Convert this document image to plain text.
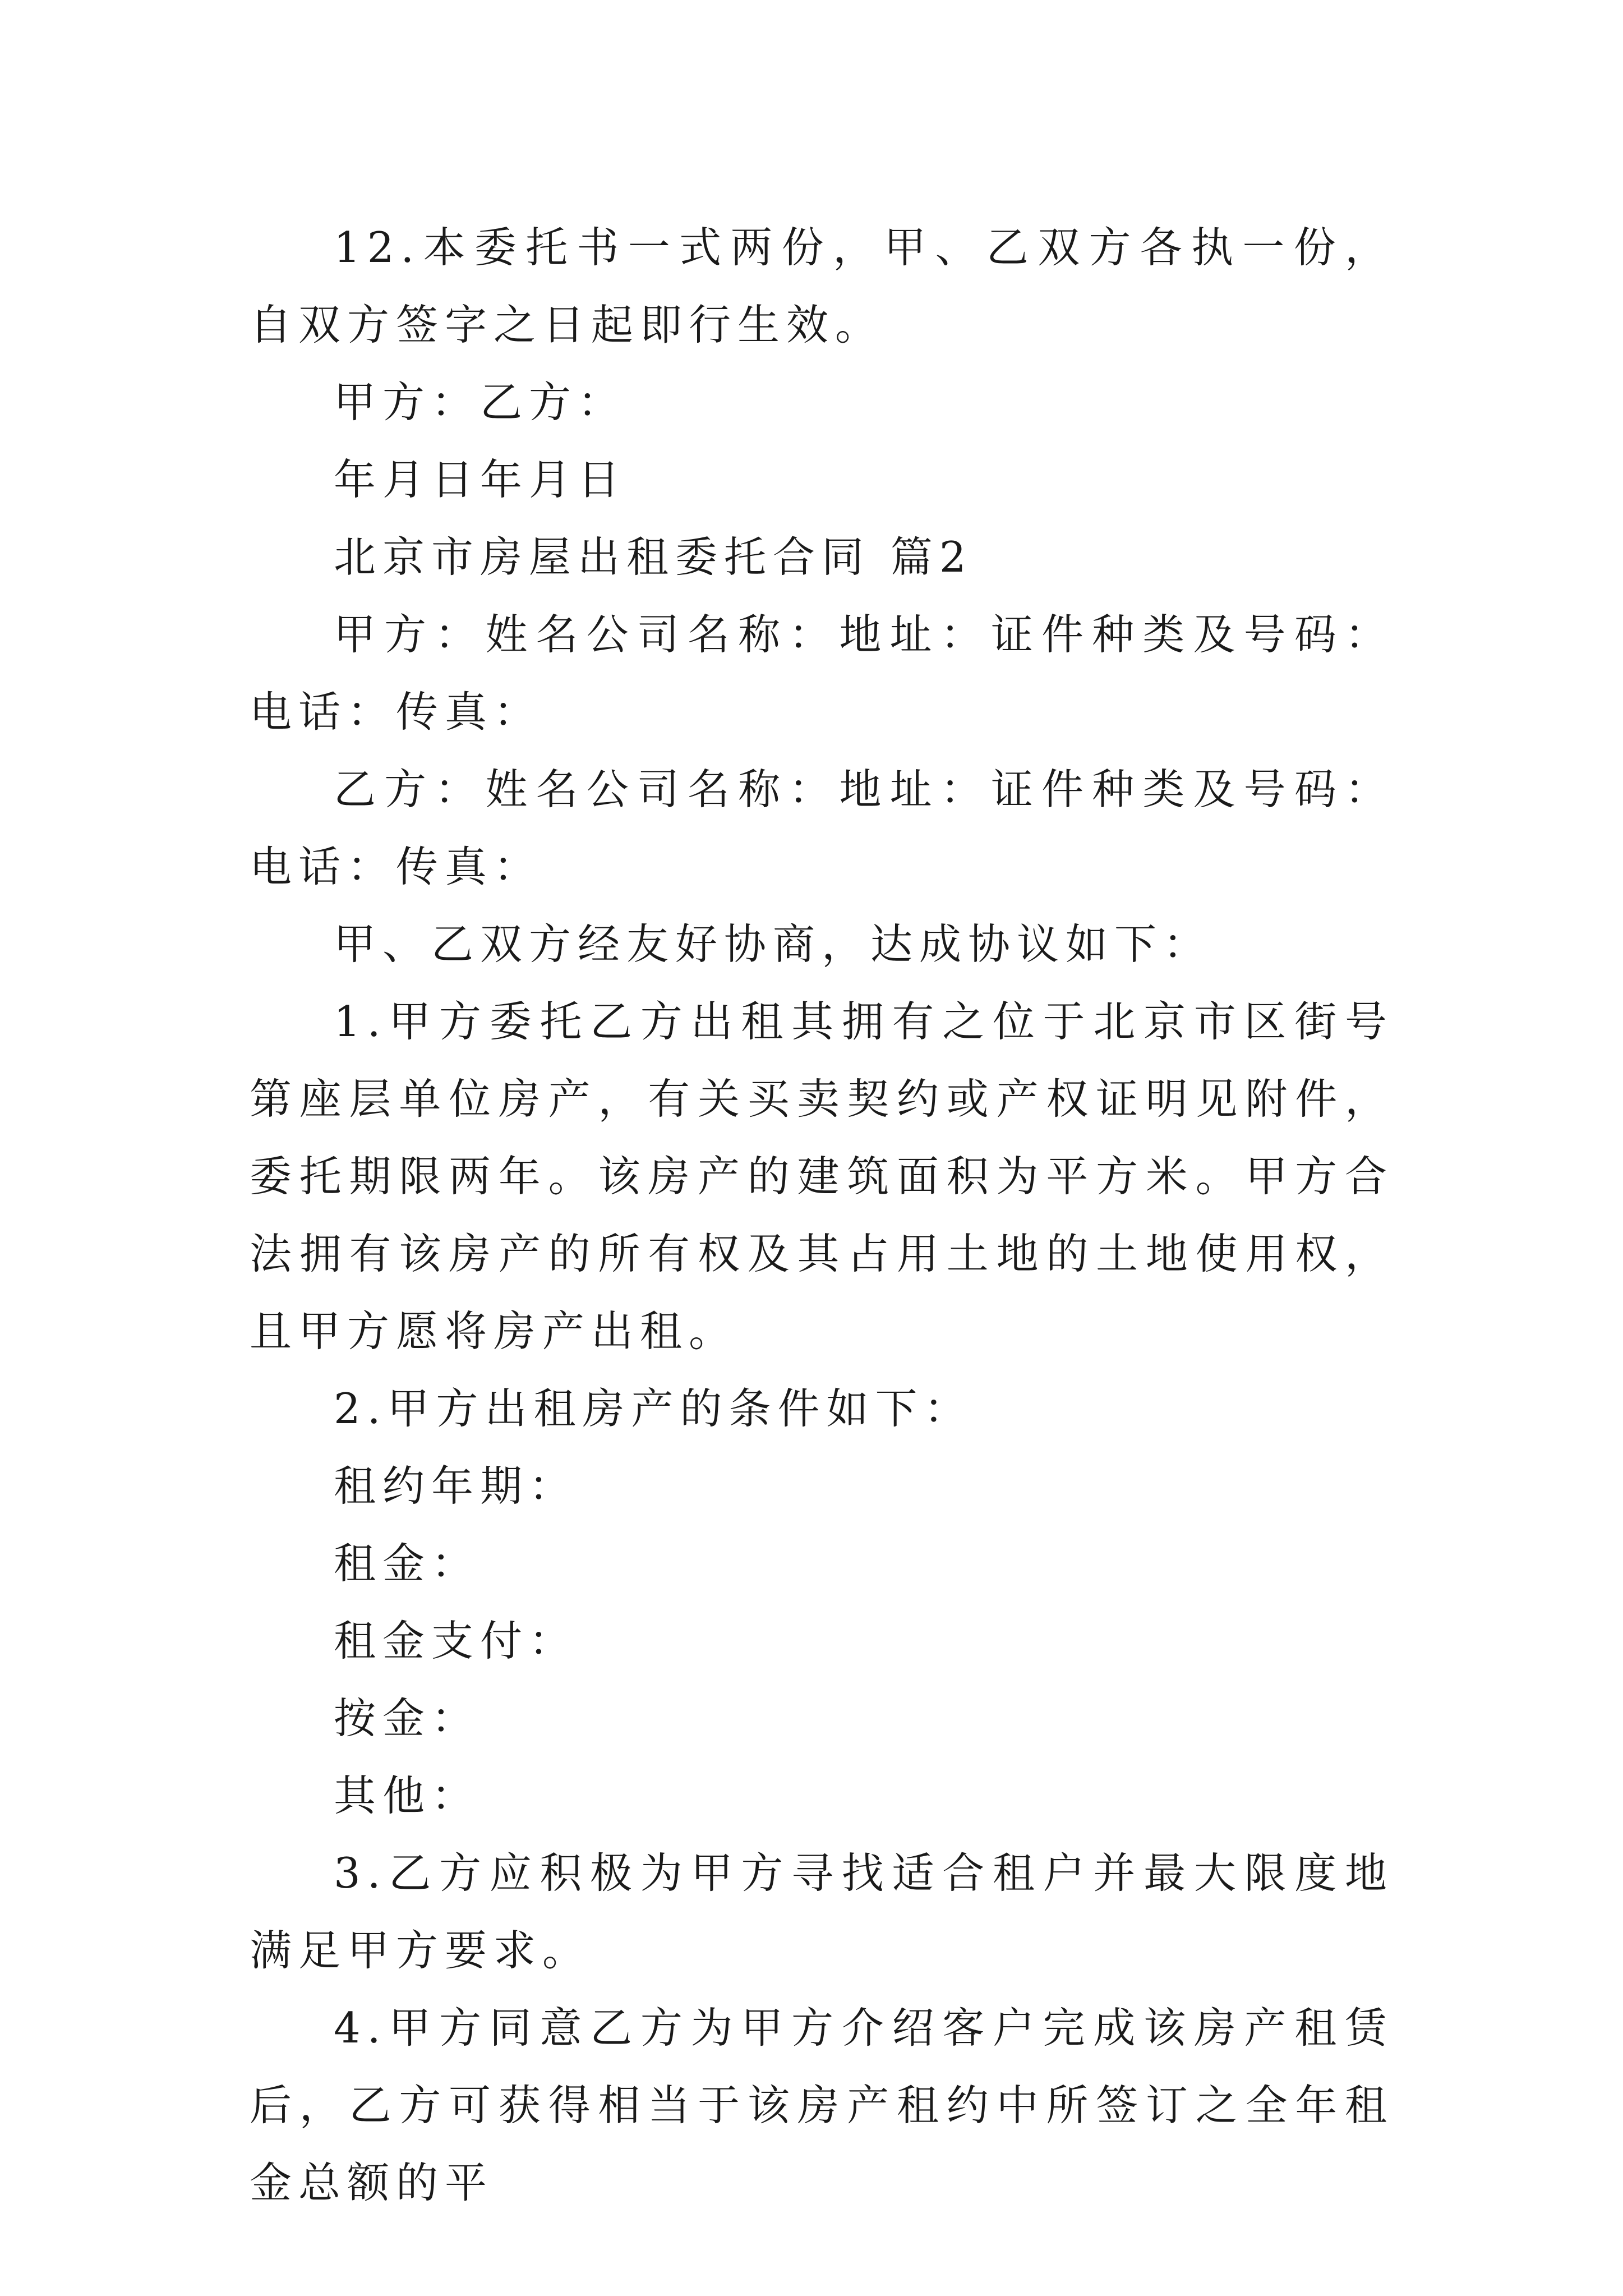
12.本委托书一式两份，甲、乙双方各执一份，自双方签字之日起即行生效。

甲方：乙方：

年月日年月日

北京市房屋出租委托合同 篇2

甲方：姓名公司名称：地址：证件种类及号码：电话：传真：

乙方：姓名公司名称：地址：证件种类及号码：电话：传真：

甲、乙双方经友好协商，达成协议如下：

1.甲方委托乙方出租其拥有之位于北京市区街号第座层单位房产，有关买卖契约或产权证明见附件，委托期限两年。该房产的建筑面积为平方米。甲方合法拥有该房产的所有权及其占用土地的土地使用权，且甲方愿将房产出租。

2.甲方出租房产的条件如下：

租约年期：

租金：

租金支付：

按金：

其他：

3.乙方应积极为甲方寻找适合租户并最大限度地满足甲方要求。

4.甲方同意乙方为甲方介绍客户完成该房产租赁后，乙方可获得相当于该房产租约中所签订之全年租金总额的平
